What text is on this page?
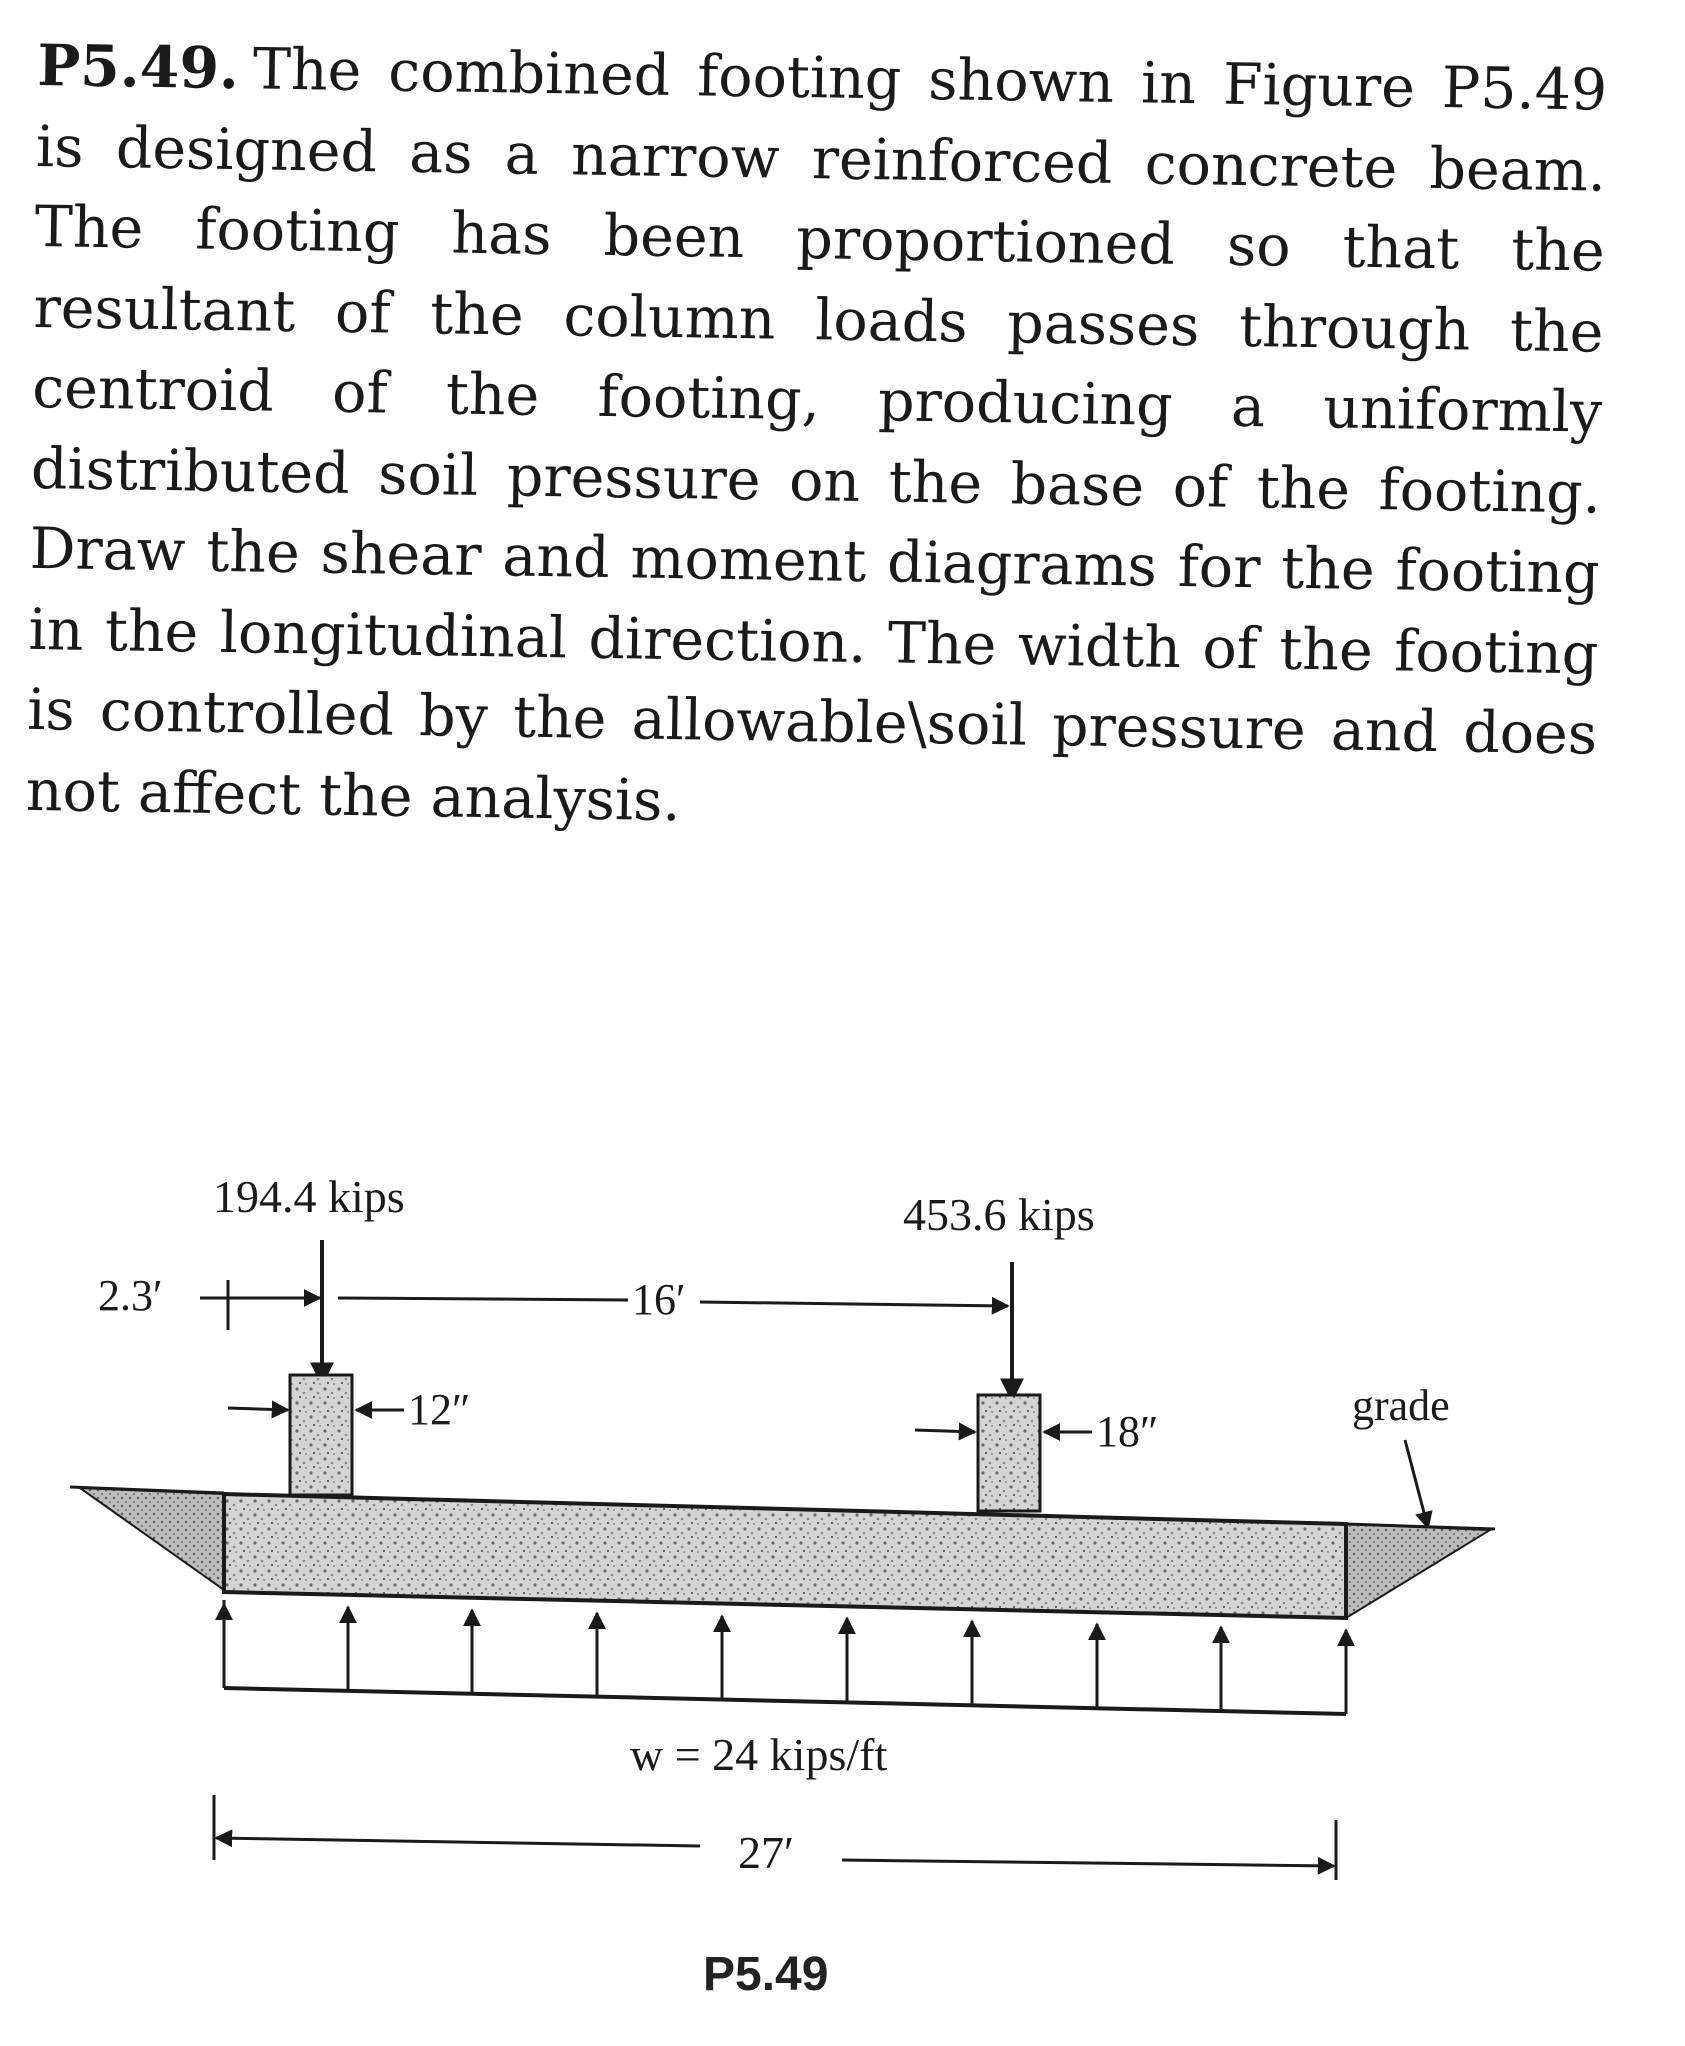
P5.49. The combined footing shown in Figure P5.49 is designed as a narrow reinforced concrete beam. The footing has been proportioned so that the resultant of the column loads passes through the centroid of the footing, producing a uniformly distributed soil pressure on the base of the footing. Draw the shear and moment diagrams for the footing in the longitudinal direction. The width of the footing is controlled by the allowable\soil pressure and does not affect the analysis.
194.4 kips	453.6 kips
2.3′	16′
12″	18″
grade
w = 24 kips/ft
27′
P5.49
